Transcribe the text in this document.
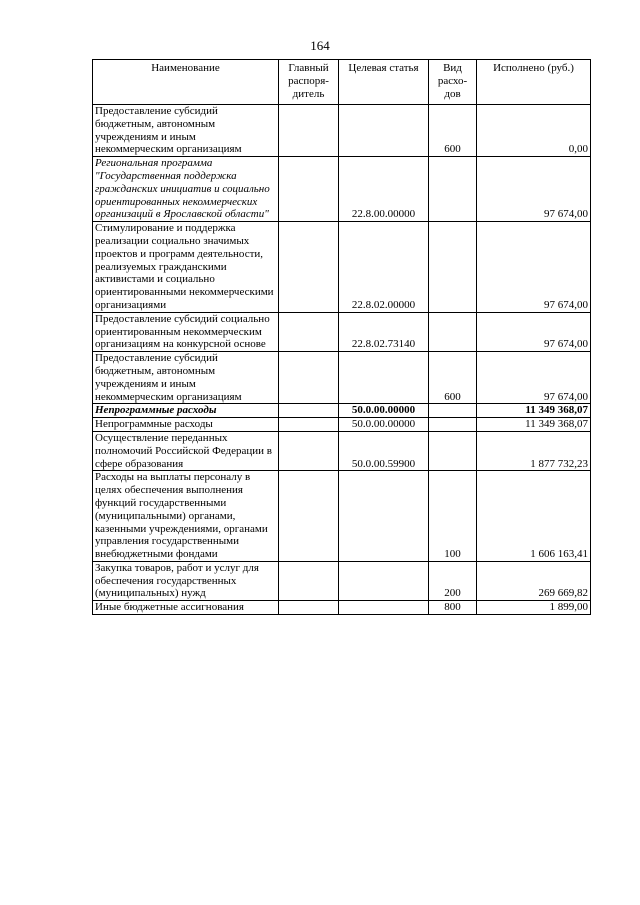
164
Наименование	Главный распоря- дитель	Целевая статья	Вид расхо- дов	Исполнено (руб.)
Предоставление субсидий бюджетным, автономным учреждениям и иным некоммерческим организациям			600	0,00
Региональная программа "Государственная поддержка гражданских инициатив и социально ориентированных некоммерческих организаций в Ярославской области"		22.8.00.00000		97 674,00
Стимулирование и поддержка реализации социально значимых проектов и программ деятельности, реализуемых гражданскими активистами и социально ориентированными некоммерческими организациями		22.8.02.00000		97 674,00
Предоставление субсидий социально ориентированным некоммерческим организациям на конкурсной основе		22.8.02.73140		97 674,00
Предоставление субсидий бюджетным, автономным учреждениям и иным некоммерческим организациям			600	97 674,00
Непрограммные расходы		50.0.00.00000		11 349 368,07
Непрограммные расходы		50.0.00.00000		11 349 368,07
Осуществление переданных полномочий Российской Федерации в сфере образования		50.0.00.59900		1 877 732,23
Расходы на выплаты персоналу в целях обеспечения выполнения функций государственными (муниципальными) органами, казенными учреждениями, органами управления государственными внебюджетными фондами			100	1 606 163,41
Закупка товаров, работ и услуг для обеспечения государственных (муниципальных) нужд			200	269 669,82
Иные бюджетные ассигнования			800	1 899,00
